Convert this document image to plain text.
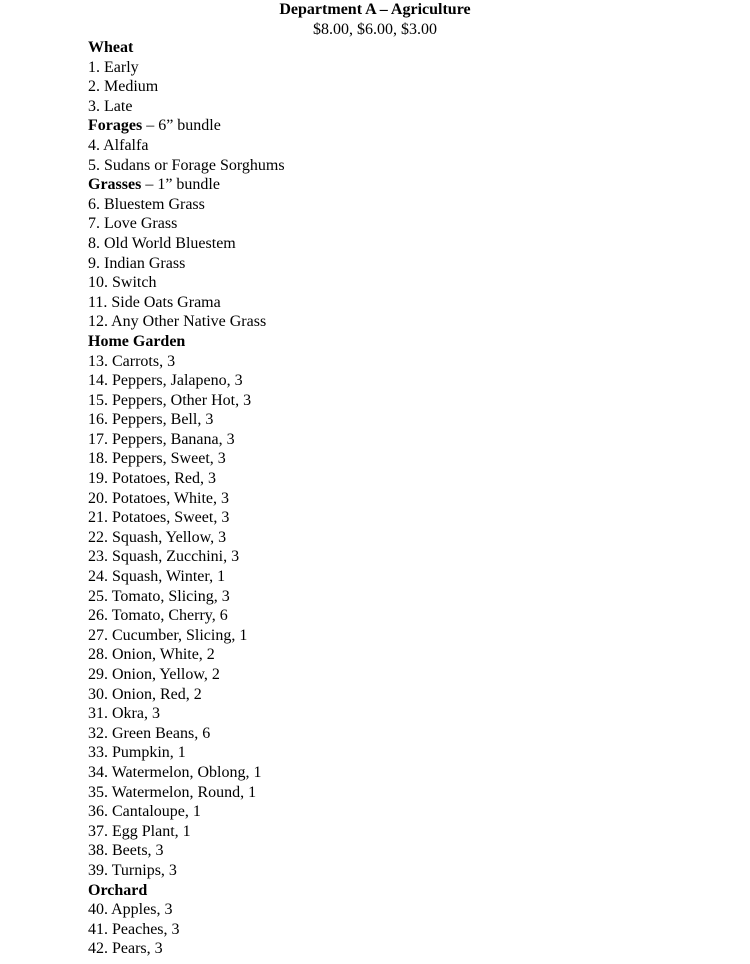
Department A – Agriculture
$8.00, $6.00, $3.00
Wheat
1. Early
2. Medium
3. Late
Forages – 6” bundle
4. Alfalfa
5. Sudans or Forage Sorghums
Grasses – 1” bundle
6. Bluestem Grass
7. Love Grass
8. Old World Bluestem
9. Indian Grass
10. Switch
11. Side Oats Grama
12. Any Other Native Grass
Home Garden
13. Carrots, 3
14. Peppers, Jalapeno, 3
15. Peppers, Other Hot, 3
16. Peppers, Bell, 3
17. Peppers, Banana, 3
18. Peppers, Sweet, 3
19. Potatoes, Red, 3
20. Potatoes, White, 3
21. Potatoes, Sweet, 3
22. Squash, Yellow, 3
23. Squash, Zucchini, 3
24. Squash, Winter, 1
25. Tomato, Slicing, 3
26. Tomato, Cherry, 6
27. Cucumber, Slicing, 1
28. Onion, White, 2
29. Onion, Yellow, 2
30. Onion, Red, 2
31. Okra, 3
32. Green Beans, 6
33. Pumpkin, 1
34. Watermelon, Oblong, 1
35. Watermelon, Round, 1
36. Cantaloupe, 1
37. Egg Plant, 1
38. Beets, 3
39. Turnips, 3
Orchard
40. Apples, 3
41. Peaches, 3
42. Pears, 3
